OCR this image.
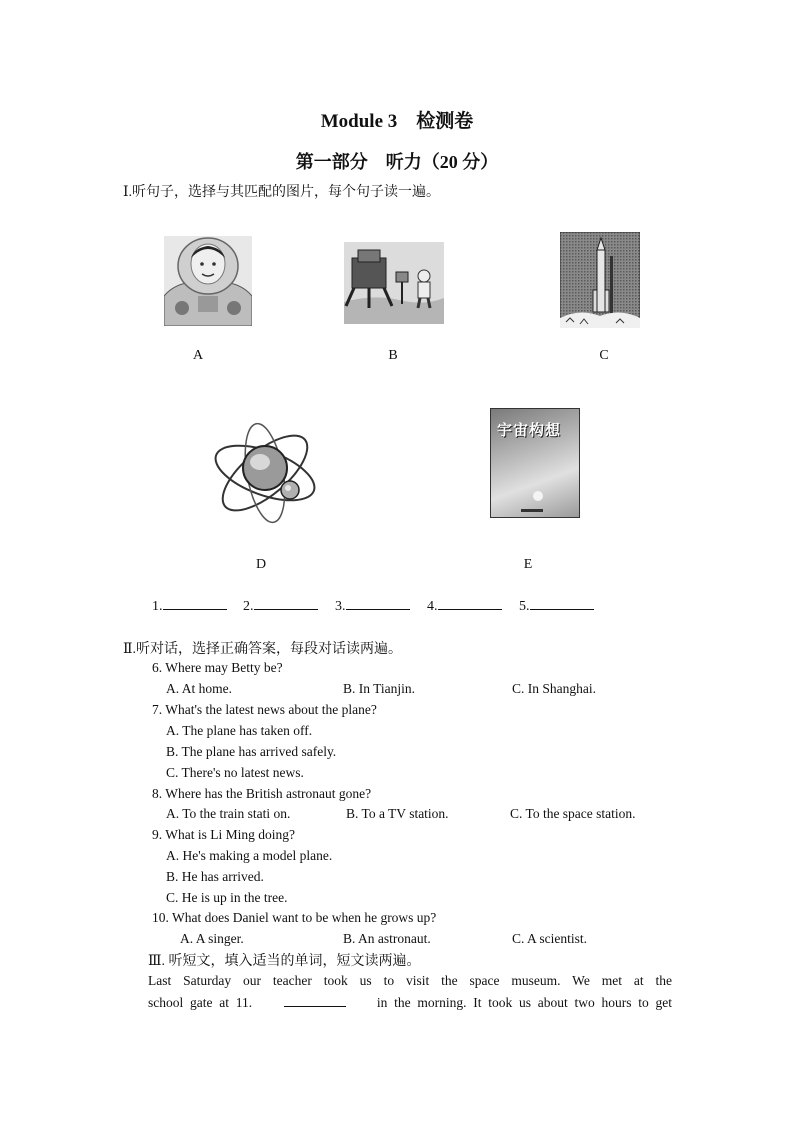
Module 3　检测卷
第一部分　听力（20 分）
Ⅰ.听句子，选择与其匹配的图片，每个句子读一遍。
A	B	C
D
宇宙构想
E
1.	2.	3.	4.	5.
Ⅱ.听对话，选择正确答案，每段对话读两遍。
6. Where may Betty be?
A. At home.	B. In Tianjin.	C. In Shanghai.
7. What's the latest news about the plane?
A. The plane has taken off.
B. The plane has arrived safely.
C. There's no latest news.
8. Where has the British astronaut gone?
A. To the train stati on.	B. To a TV station.	C. To the space station.
9. What is Li Ming doing?
A. He's making a model plane.
B. He has arrived.
C. He is up in the tree.
10. What does Daniel want to be when he grows up?
A. A singer.	B. An astronaut.	C. A scientist.
Ⅲ. 听短文，填入适当的单词，短文读两遍。
Last  Saturday  our  teacher  took  us  to  visit  the  space  museum.  We  met  at  the
school  gate  at  11.	in  the  morning.  It  took  us  about  two  hours  to  get
